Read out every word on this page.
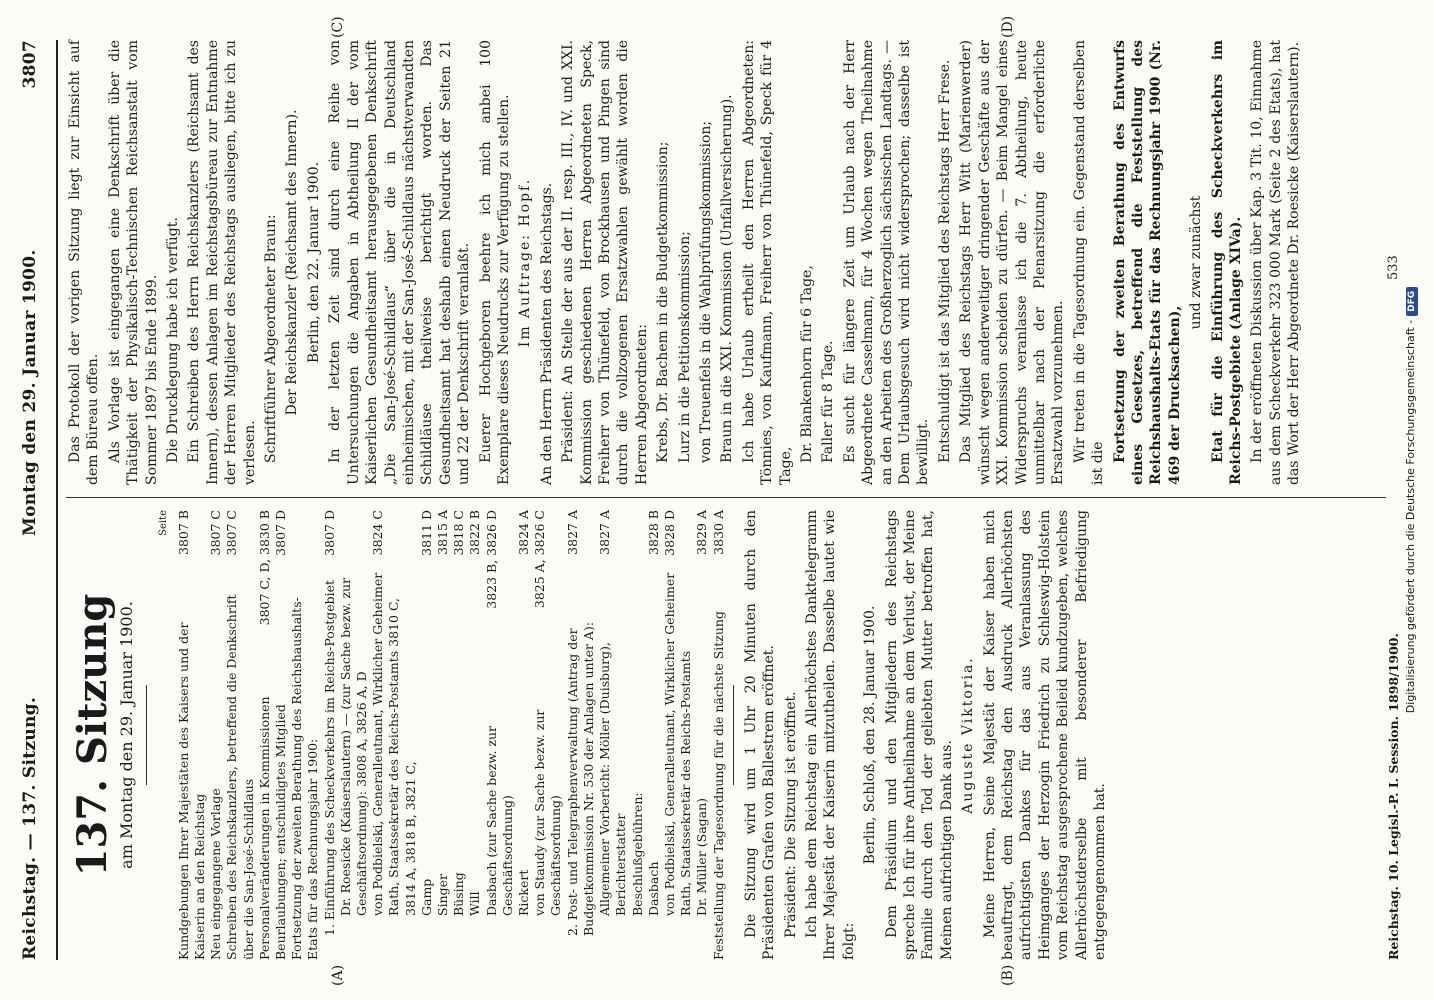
Reichstag. — 137. Sitzung.
Montag den 29. Januar 1900.
3807
(A)	(B)
(C)	(D)
137. Sitzung am Montag den 29. Januar 1900.
Seite
Kundgebungen Ihrer Majestäten des Kaisers und der Kaiserin an den Reichstag
3807 B
Neu eingegangene Vorlage
3807 C
Schreiben des Reichskanzlers, betreffend die Denkschrift über die San-José-Schildlaus
3807 C
Personalveränderungen in Kommissionen
3807 C, D, 3830 B
Beurlaubungen; entschuldigtes Mitglied
3807 D
Fortsetzung der zweiten Berathung des Reichshaushalts-Etats für das Rechnungsjahr 1900: 1. Einführung des Scheckverkehrs im Reichs-Postgebiet
3807 D
Dr. Roesicke (Kaiserslautern) — (zur Sache bezw. zur Geschäftsordnung): 3808 A, 3826 A, D von Podbielski, Generalleutnant, Wirklicher Geheimer Rath, Staatssekretär des Reichs-Postamts 3810 C, 3814 A, 3818 B, 3821 C,
3824 C
Gamp
3811 D
Singer
3815 A
Büsing
3818 C
Will
3822 B
Dasbach (zur Sache bezw. zur Geschäftsordnung)
3823 B, 3826 D
Rickert
3824 A
von Staudy (zur Sache bezw. zur Geschäftsordnung)
3825 A, 3826 C
2. Post- und Telegraphenverwaltung (Antrag der Budgetkommission Nr. 530 der Anlagen unter A):
3827 A
Allgemeiner Vorbericht: Möller (Duisburg), Berichterstatter
3827 A
Beschlußgebühren: Dasbach
3828 B
von Podbielski, Generalleutnant, Wirklicher Geheimer Rath, Staatssekretär des Reichs-Postamts
3828 D
Dr. Müller (Sagan)
3829 A
Feststellung der Tagesordnung für die nächste Sitzung
3830 A Die Sitzung wird um 1 Uhr 20 Minuten durch den Präsidenten Grafen von Ballestrem eröffnet. Präsident: Die Sitzung ist eröffnet. Ich habe dem Reichstag ein Allerhöchstes Danktelegramm Ihrer Majestät der Kaiserin mitzutheilen. Dasselbe lautet wie folgt:

Berlin, Schloß, den 28. Januar 1900. Dem Präsidium und den Mitgliedern des Reichstags spreche Ich für ihre Antheilnahme an dem Verlust, der Meine Familie durch den Tod der geliebten Mutter betroffen hat, Meinen aufrichtigen Dank aus.

Auguste Viktoria. Meine Herren, Seine Majestät der Kaiser haben mich beauftragt, dem Reichstag den Ausdruck Allerhöchsten aufrichtigsten Dankes für das aus Veranlassung des Heimganges der Herzogin Friedrich zu Schleswig-Holstein vom Reichstag ausgesprochene Beileid kundzugeben, welches Allerhöchstderselbe mit besonderer Befriedigung entgegengenommen hat.

Das Protokoll der vorigen Sitzung liegt zur Einsicht auf dem Büreau offen. Als Vorlage ist eingegangen eine Denkschrift über die Thätigkeit der Physikalisch-Technischen Reichsanstalt vom Sommer 1897 bis Ende 1899. Die Drucklegung habe ich verfügt. Ein Schreiben des Herrn Reichskanzlers (Reichsamt des Innern), dessen Anlagen im Reichstagsbüreau zur Entnahme der Herren Mitglieder des Reichstags ausliegen, bitte ich zu verlesen. Schriftführer Abgeordneter Braun: Der Reichskanzler (Reichsamt des Innern). Berlin, den 22. Januar 1900. In der letzten Zeit sind durch eine Reihe von Untersuchungen die Angaben in Abtheilung II der vom Kaiserlichen Gesundheitsamt herausgegebenen Denkschrift „Die San-José-Schildlaus“ über die in Deutschland einheimischen, mit der San-José-Schildlaus nächstverwandten Schildläuse theilweise berichtigt worden. Das Gesundheitsamt hat deshalb einen Neudruck der Seiten 21 und 22 der Denkschrift veranlaßt. Euerer Hochgeboren beehre ich mich anbei 100 Exemplare dieses Neudrucks zur Verfügung zu stellen. Im Auftrage: Hopf. An den Herrn Präsidenten des Reichstags. Präsident: An Stelle der aus der II. resp. III., IV. und XXI. Kommission geschiedenen Herren Abgeordneten Speck, Freiherr von Thünefeld, von Brockhausen und Pingen sind durch die vollzogenen Ersatzwahlen gewählt worden die Herren Abgeordneten: Krebs, Dr. Bachem in die Budgetkommission; Lurz in die Petitionskommission; von Treuenfels in die Wahlprüfungskommission; Braun in die XXI. Kommission (Unfallversicherung). Ich habe Urlaub ertheilt den Herren Abgeordneten: Tönnies, von Kaufmann, Freiherr von Thünefeld, Speck für 4 Tage,

Dr. Blankenhorn für 6 Tage, Faller für 8 Tage. Es sucht für längere Zeit um Urlaub nach der Herr Abgeordnete Casselmann, für 4 Wochen wegen Theilnahme an den Arbeiten des Großherzoglich sächsischen Landtags. — Dem Urlaubsgesuch wird nicht widersprochen; dasselbe ist bewilligt. Entschuldigt ist das Mitglied des Reichstags Herr Frese. Das Mitglied des Reichstags Herr Witt (Marienwerder) wünscht wegen anderweitiger dringender Geschäfte aus der XXI. Kommission scheiden zu dürfen. — Beim Mangel eines Widerspruchs veranlasse ich die 7. Abtheilung, heute unmittelbar nach der Plenarsitzung die erforderliche Ersatzwahl vorzunehmen. Wir treten in die Tagesordnung ein. Gegenstand derselben ist die

Fortsetzung der zweiten Berathung des Entwurfs eines Gesetzes, betreffend die Feststellung des Reichshaushalts-Etats für das Rechnungsjahr 1900 (Nr. 469 der Drucksachen),

und zwar zunächst Etat für die Einführung des Scheckverkehrs im Reichs-Postgebiete (Anlage XIVa). In der eröffneten Diskussion über Kap. 3 Tit. 10, Einnahme aus dem Scheckverkehr 323 000 Mark (Seite 2 des Etats), hat das Wort der Herr Abgeordnete Dr. Roesicke (Kaiserslautern).

Reichstag. 10. Legisl.-P. I. Session. 1898/1900.
533
Digitalisierung gefördert durch die Deutsche Forschungsgemeinschaft -DFG
